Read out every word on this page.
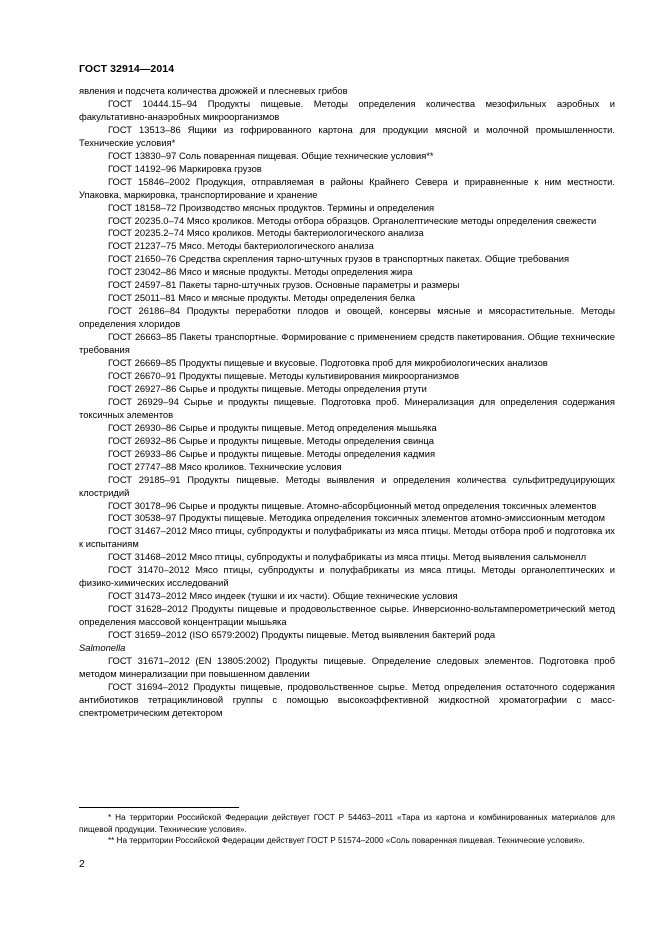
ГОСТ 32914—2014

явления и подсчета количества дрожжей и плесневых грибов

ГОСТ 10444.15–94 Продукты пищевые. Методы определения количества мезофильных аэробных и факультативно-анаэробных микроорганизмов

ГОСТ 13513–86 Ящики из гофрированного картона для продукции мясной и молочной промышленности. Технические условия*

ГОСТ 13830–97 Соль поваренная пищевая. Общие технические условия**

ГОСТ 14192–96 Маркировка грузов

ГОСТ 15846–2002 Продукция, отправляемая в районы Крайнего Севера и приравненные к ним местности. Упаковка, маркировка, транспортирование и хранение

ГОСТ 18158–72 Производство мясных продуктов. Термины и определения

ГОСТ 20235.0–74 Мясо кроликов. Методы отбора образцов. Органолептические методы определения свежести

ГОСТ 20235.2–74 Мясо кроликов. Методы бактериологического анализа

ГОСТ 21237–75 Мясо. Методы бактериологического анализа

ГОСТ 21650–76 Средства скрепления тарно-штучных грузов в транспортных пакетах. Общие требования

ГОСТ 23042–86 Мясо и мясные продукты. Методы определения жира

ГОСТ 24597–81 Пакеты тарно-штучных грузов. Основные параметры и размеры

ГОСТ 25011–81 Мясо и мясные продукты. Методы определения белка

ГОСТ 26186–84 Продукты переработки плодов и овощей, консервы мясные и мясорастительные. Методы определения хлоридов

ГОСТ 26663–85 Пакеты транспортные. Формирование с применением средств пакетирования. Общие технические требования

ГОСТ 26669–85 Продукты пищевые и вкусовые. Подготовка проб для микробиологических анализов

ГОСТ 26670–91 Продукты пищевые. Методы культивирования микроорганизмов

ГОСТ 26927–86 Сырье и продукты пищевые. Методы определения ртути

ГОСТ 26929–94 Сырье и продукты пищевые. Подготовка проб. Минерализация для определения содержания токсичных элементов

ГОСТ 26930–86 Сырье и продукты пищевые. Метод определения мышьяка

ГОСТ 26932–86 Сырье и продукты пищевые. Методы определения свинца

ГОСТ 26933–86 Сырье и продукты пищевые. Методы определения кадмия

ГОСТ 27747–88 Мясо кроликов. Технические условия

ГОСТ 29185–91 Продукты пищевые. Методы выявления и определения количества сульфитредуцирующих клостридий

ГОСТ 30178–96 Сырье и продукты пищевые. Атомно-абсорбционный метод определения токсичных элементов

ГОСТ 30538–97 Продукты пищевые. Методика определения токсичных элементов атомно-эмиссионным методом

ГОСТ 31467–2012 Мясо птицы, субпродукты и полуфабрикаты из мяса птицы. Методы отбора проб и подготовка их к испытаниям

ГОСТ 31468–2012 Мясо птицы, субпродукты и полуфабрикаты из мяса птицы. Метод выявления сальмонелл

ГОСТ 31470–2012 Мясо птицы, субпродукты и полуфабрикаты из мяса птицы. Методы органолептических и физико-химических исследований

ГОСТ 31473–2012 Мясо индеек (тушки и их части). Общие технические условия

ГОСТ 31628–2012 Продукты пищевые и продовольственное сырье. Инверсионно-вольтамперометрический метод определения массовой концентрации мышьяка

ГОСТ 31659–2012 (ISO 6579:2002) Продукты пищевые. Метод выявления бактерий рода

Salmonella

ГОСТ 31671–2012 (EN 13805:2002) Продукты пищевые. Определение следовых элементов. Подготовка проб методом минерализации при повышенном давлении

ГОСТ 31694–2012 Продукты пищевые, продовольственное сырье. Метод определения остаточного содержания антибиотиков тетрациклиновой группы с помощью высокоэффективной жидкостной хроматографии с масс-спектрометрическим детектором

* На территории Российской Федерации действует ГОСТ Р 54463–2011 «Тара из картона и комбинированных материалов для пищевой продукции. Технические условия».

** На территории Российской Федерации действует ГОСТ Р 51574–2000 «Соль поваренная пищевая. Технические условия».

2
